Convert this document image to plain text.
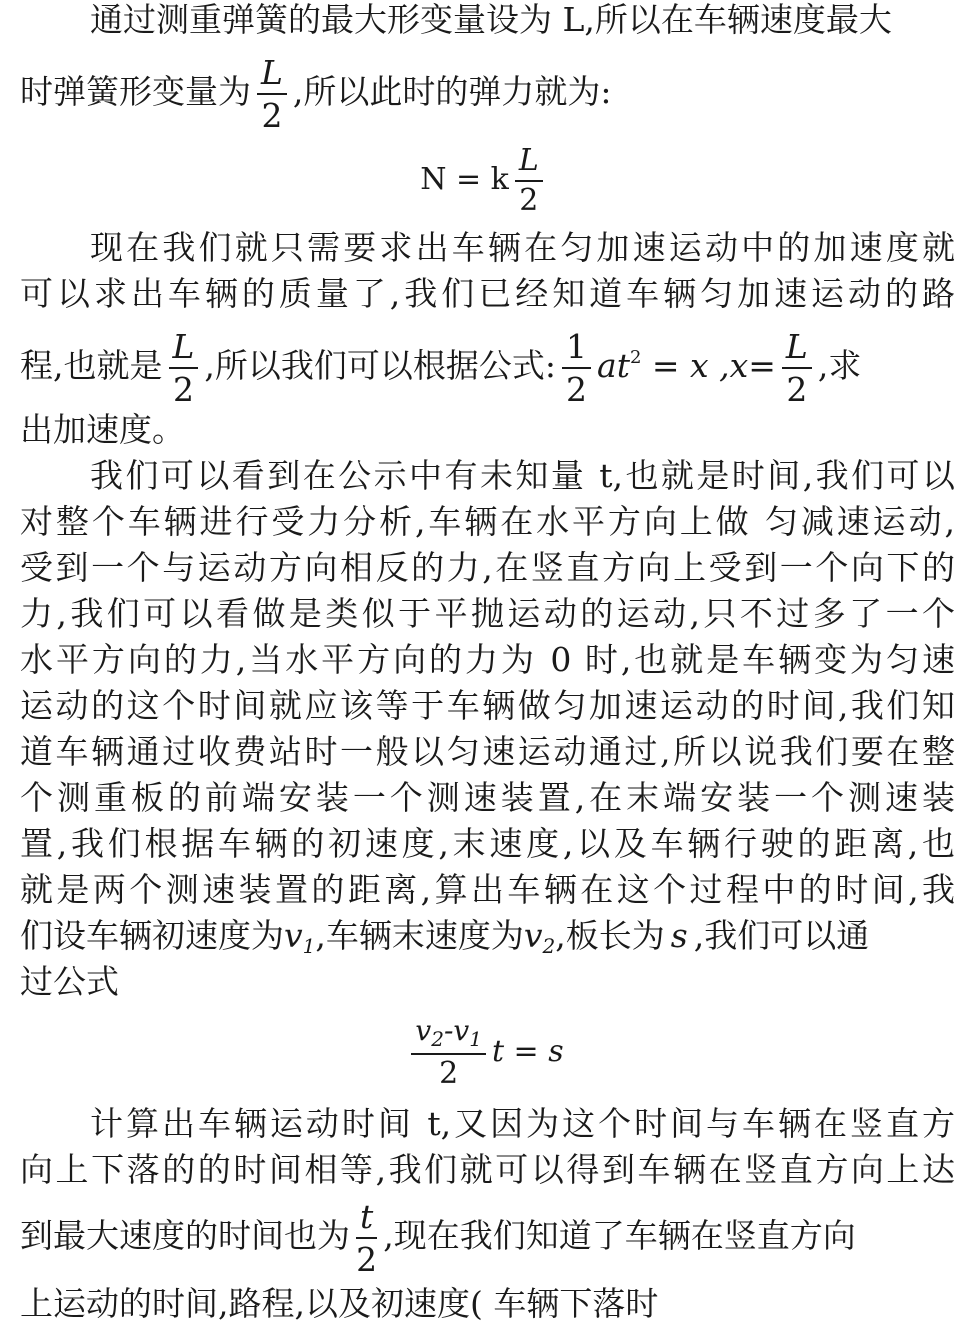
通过测重弹簧的最大形变量设为 L,所以在车辆速度最大
时弹簧形变量为 $\frac{L}{2}$ ,所以此时的弹力就为:
N = k $\frac{L}{2}$
现在我们就只需要求出车辆在匀加速运动中的加速度就
可以求出车辆的质量了,我们已经知道车辆匀加速运动的路
程,也就是 $\frac{L}{2}$ ,所以我们可以根据公式: $\frac{1}{2} at^2 = x$ $,x= \frac{L}{2}$ ,求
出加速度。
我们可以看到在公示中有未知量 t,也就是时间,我们可以
对整个车辆进行受力分析,车辆在水平方向上做 匀减速运动,
受到一个与运动方向相反的力,在竖直方向上受到一个向下的
力,我们可以看做是类似于平抛运动的运动,只不过多了一个
水平方向的力,当水平方向的力为 0 时,也就是车辆变为匀速
运动的这个时间就应该等于车辆做匀加速运动的时间,我们知
道车辆通过收费站时一般以匀速运动通过,所以说我们要在整
个测重板的前端安装一个测速装置,在末端安装一个测速装
置,我们根据车辆的初速度,末速度,以及车辆行驶的距离,也
就是两个测速装置的距离,算出车辆在这个过程中的时间,我
们设车辆初速度为$v_1$,车辆末速度为$v_2$,板长为 s ,我们可以通
过公式
$\frac{v_2-v_1}{2}$ t = s
计算出车辆运动时间 t,又因为这个时间与车辆在竖直方
向上下落的的时间相等,我们就可以得到车辆在竖直方向上达
到最大速度的时间也为 $\frac{t}{2}$ ,现在我们知道了车辆在竖直方向
上运动的时间,路程,以及初速度( 车辆下落时
